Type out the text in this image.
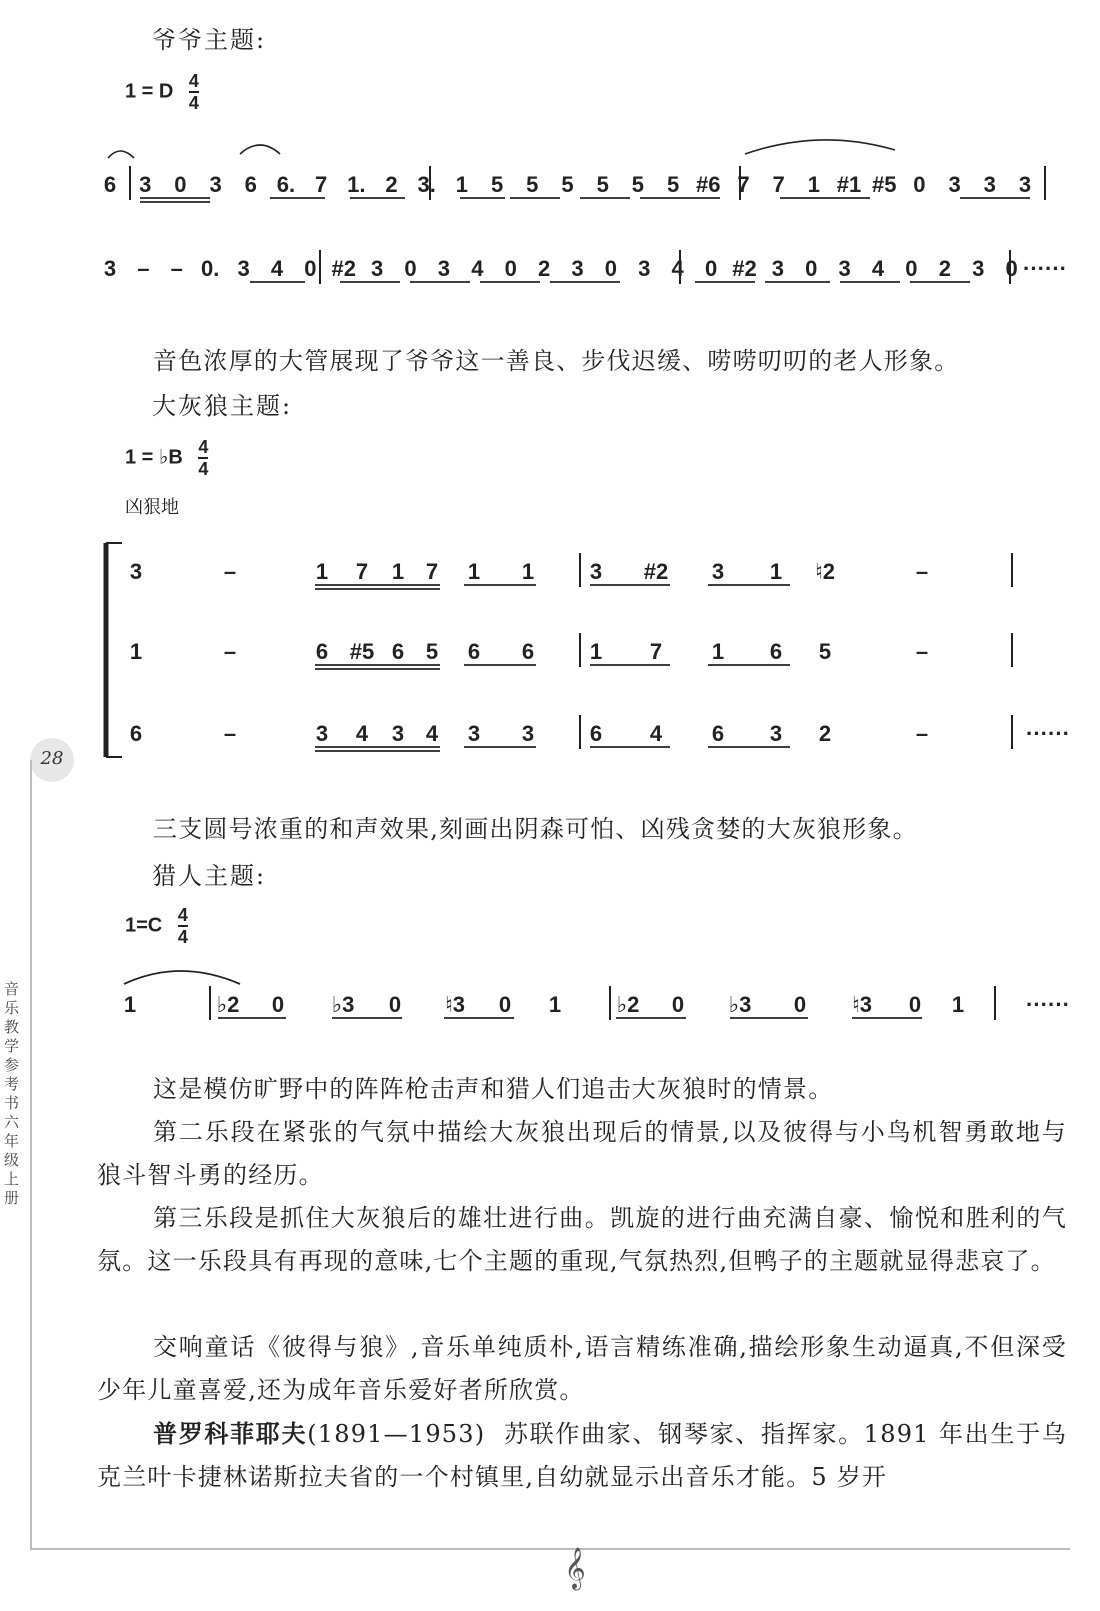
爷爷主题:
1 = D $\frac{4}{4}$
6 3 0 3 6 6. 7 1. 2 3. 1 5 5 5 5 5 5 #6 7 7 1 #1 #5 0 3 3 3
3 – – 0. 3 4 0 #2 3 0 3 4 0 2 3 0 3 4 0 #2 3 0 3 4 0 2 3 0 ······
音色浓厚的大管展现了爷爷这一善良、步伐迟缓、唠唠叨叨的老人形象。
大灰狼主题:
1 = ♭B $\frac{4}{4}$
凶狠地
3	–	1 7 1 7 1 1	3 #2 3 1 ♮2	–
1	–	6 #5 6 5 6 6	1 7 1 6 5	–
6	–	3 4 3 4 3 3	6 4 6 3 2	–	······
28
三支圆号浓重的和声效果,刻画出阴森可怕、凶残贪婪的大灰狼形象。
猎人主题:
$1=C \frac{4}{4}$
1	♭2 0 ♭3 0 ♮3 0 1	♭2 0 ♭3 0 ♮3 0 1	······
音乐教学参考书六年级上册
这是模仿旷野中的阵阵枪击声和猎人们追击大灰狼时的情景。
第二乐段在紧张的气氛中描绘大灰狼出现后的情景,以及彼得与小鸟机智勇敢地与狼斗智斗勇的经历。
第三乐段是抓住大灰狼后的雄壮进行曲。凯旋的进行曲充满自豪、愉悦和胜利的气氛。这一乐段具有再现的意味,七个主题的重现,气氛热烈,但鸭子的主题就显得悲哀了。
交响童话《彼得与狼》,音乐单纯质朴,语言精练准确,描绘形象生动逼真,不但深受少年儿童喜爱,还为成年音乐爱好者所欣赏。
普罗科菲耶夫(1891—1953) 苏联作曲家、钢琴家、指挥家。1891 年出生于乌克兰叶卡捷林诺斯拉夫省的一个村镇里,自幼就显示出音乐才能。5 岁开
𝄞
